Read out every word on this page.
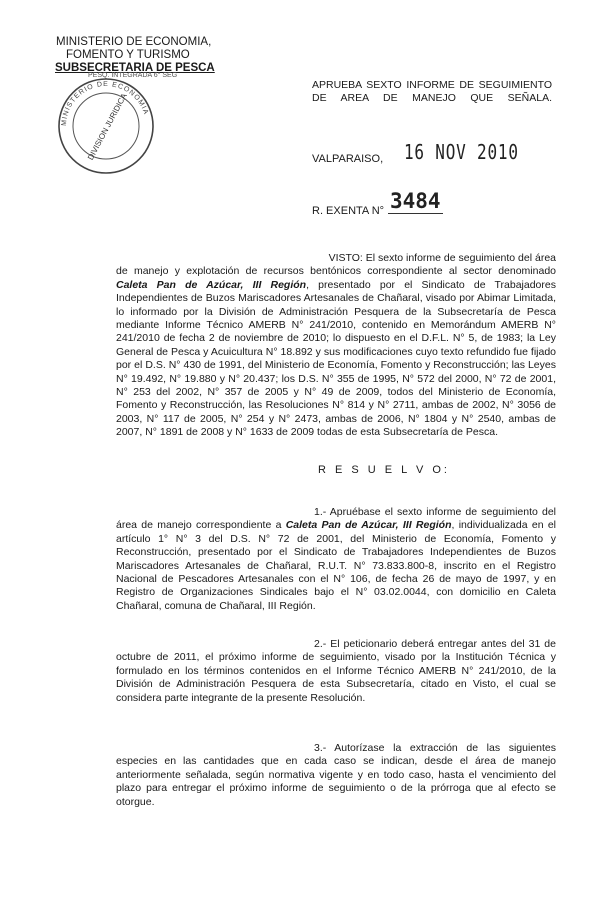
MINISTERIO DE ECONOMIA,
FOMENTO Y TURISMO
SUBSECRETARIA DE PESCA
PESQ. INTEGRADA 6° SEG
MINISTERIO DE ECONOMIA
DIVISION JURIDICA
APRUEBA SEXTO INFORME DE SEGUIMIENTO DE AREA DE MANEJO QUE SEÑALA.
VALPARAISO, 16 NOV 2010
R. EXENTA N° 3484

VISTO: El sexto informe de seguimiento del área

de manejo y explotación de recursos bentónicos correspondiente al sector denominado Caleta Pan de Azúcar, III Región, presentado por el Sindicato de Trabajadores Independientes de Buzos Mariscadores Artesanales de Chañaral, visado por Abimar Limitada, lo informado por la División de Administración Pesquera de la Subsecretaría de Pesca mediante Informe Técnico AMERB N° 241/2010, contenido en Memorándum AMERB N° 241/2010 de fecha 2 de noviembre de 2010; lo dispuesto en el D.F.L. N° 5, de 1983; la Ley General de Pesca y Acuicultura N° 18.892 y sus modificaciones cuyo texto refundido fue fijado por el D.S. N° 430 de 1991, del Ministerio de Economía, Fomento y Reconstrucción; las Leyes N° 19.492, N° 19.880 y N° 20.437; los D.S. N° 355 de 1995, N° 572 del 2000, N° 72 de 2001, N° 253 del 2002, N° 357 de 2005 y N° 49 de 2009, todos del Ministerio de Economía, Fomento y Reconstrucción, las Resoluciones N° 814 y N° 2711, ambas de 2002, N° 3056 de 2003, N° 117 de 2005, N° 254 y N° 2473, ambas de 2006, N° 1804 y N° 2540, ambas de 2007, N° 1891 de 2008 y N° 1633 de 2009 todas de esta Subsecretaría de Pesca.

R E S U E L V O:

1.- Apruébase el sexto informe de seguimiento del área de manejo correspondiente a Caleta Pan de Azúcar, III Región, individualizada en el artículo 1° N° 3 del D.S. N° 72 de 2001, del Ministerio de Economía, Fomento y Reconstrucción, presentado por el Sindicato de Trabajadores Independientes de Buzos Mariscadores Artesanales de Chañaral, R.U.T. N° 73.833.800-8, inscrito en el Registro Nacional de Pescadores Artesanales con el N° 106, de fecha 26 de mayo de 1997, y en Registro de Organizaciones Sindicales bajo el N° 03.02.0044, con domicilio en Caleta Chañaral, comuna de Chañaral, III Región.

2.- El peticionario deberá entregar antes del 31 de octubre de 2011, el próximo informe de seguimiento, visado por la Institución Técnica y formulado en los términos contenidos en el Informe Técnico AMERB N° 241/2010, de la División de Administración Pesquera de esta Subsecretaría, citado en Visto, el cual se considera parte integrante de la presente Resolución.

3.- Autorízase la extracción de las siguientes especies en las cantidades que en cada caso se indican, desde el área de manejo anteriormente señalada, según normativa vigente y en todo caso, hasta el vencimiento del plazo para entregar el próximo informe de seguimiento o de la prórroga que al efecto se otorgue.
